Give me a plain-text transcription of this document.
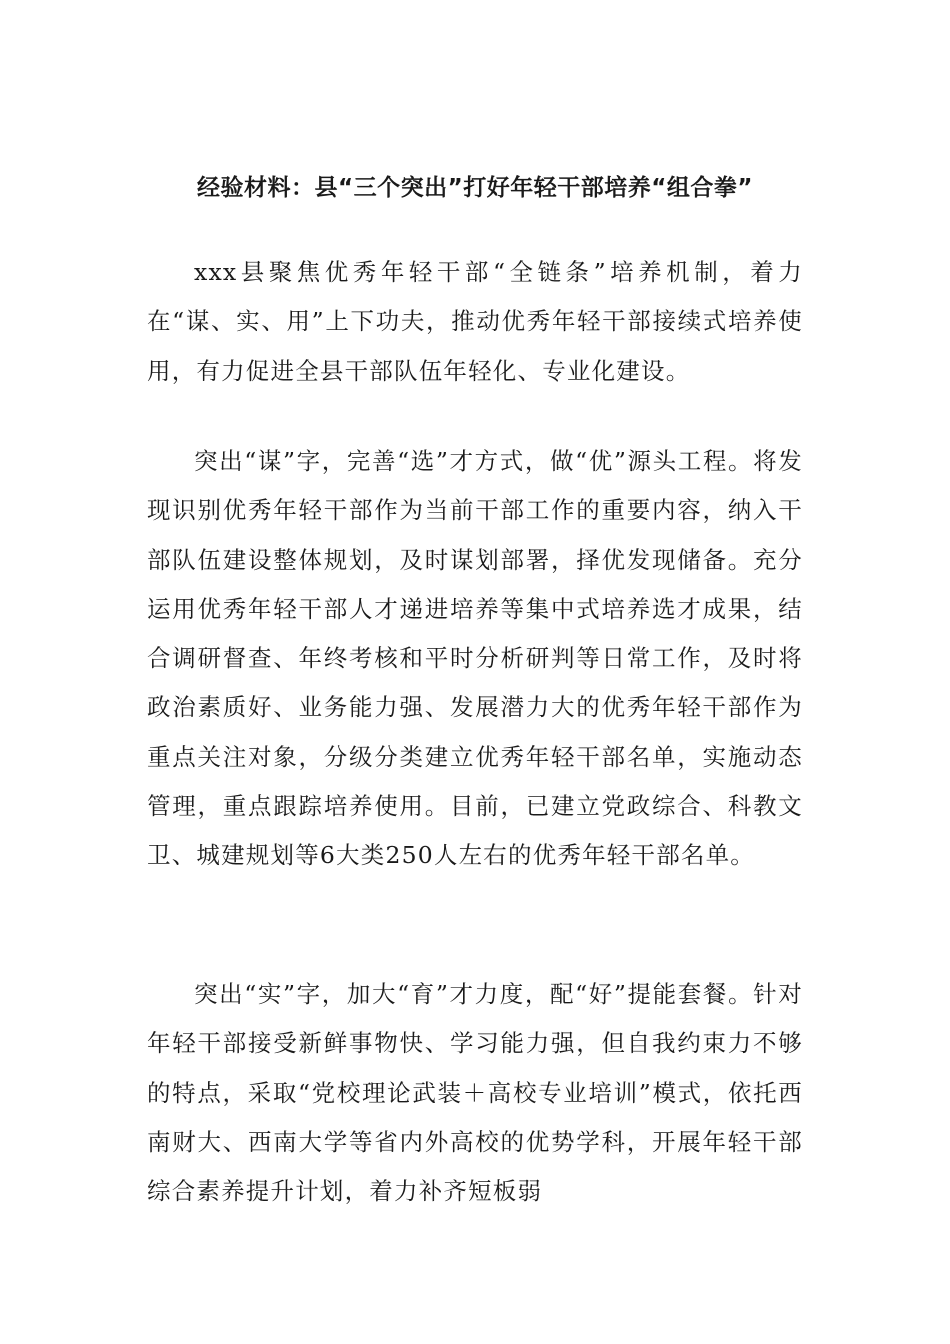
经验材料：县“三个突出”打好年轻干部培养“组合拳”

xxx县聚焦优秀年轻干部“全链条”培养机制，着力在“谋、实、用”上下功夫，推动优秀年轻干部接续式培养使用，有力促进全县干部队伍年轻化、专业化建设。

突出“谋”字，完善“选”才方式，做“优”源头工程。将发现识别优秀年轻干部作为当前干部工作的重要内容，纳入干部队伍建设整体规划，及时谋划部署，择优发现储备。充分运用优秀年轻干部人才递进培养等集中式培养选才成果，结合调研督查、年终考核和平时分析研判等日常工作，及时将政治素质好、业务能力强、发展潜力大的优秀年轻干部作为重点关注对象，分级分类建立优秀年轻干部名单，实施动态管理，重点跟踪培养使用。目前，已建立党政综合、科教文卫、城建规划等6大类250人左右的优秀年轻干部名单。

突出“实”字，加大“育”才力度，配“好”提能套餐。针对年轻干部接受新鲜事物快、学习能力强，但自我约束力不够的特点，采取“党校理论武装＋高校专业培训”模式，依托西南财大、西南大学等省内外高校的优势学科，开展年轻干部综合素养提升计划，着力补齐短板弱
